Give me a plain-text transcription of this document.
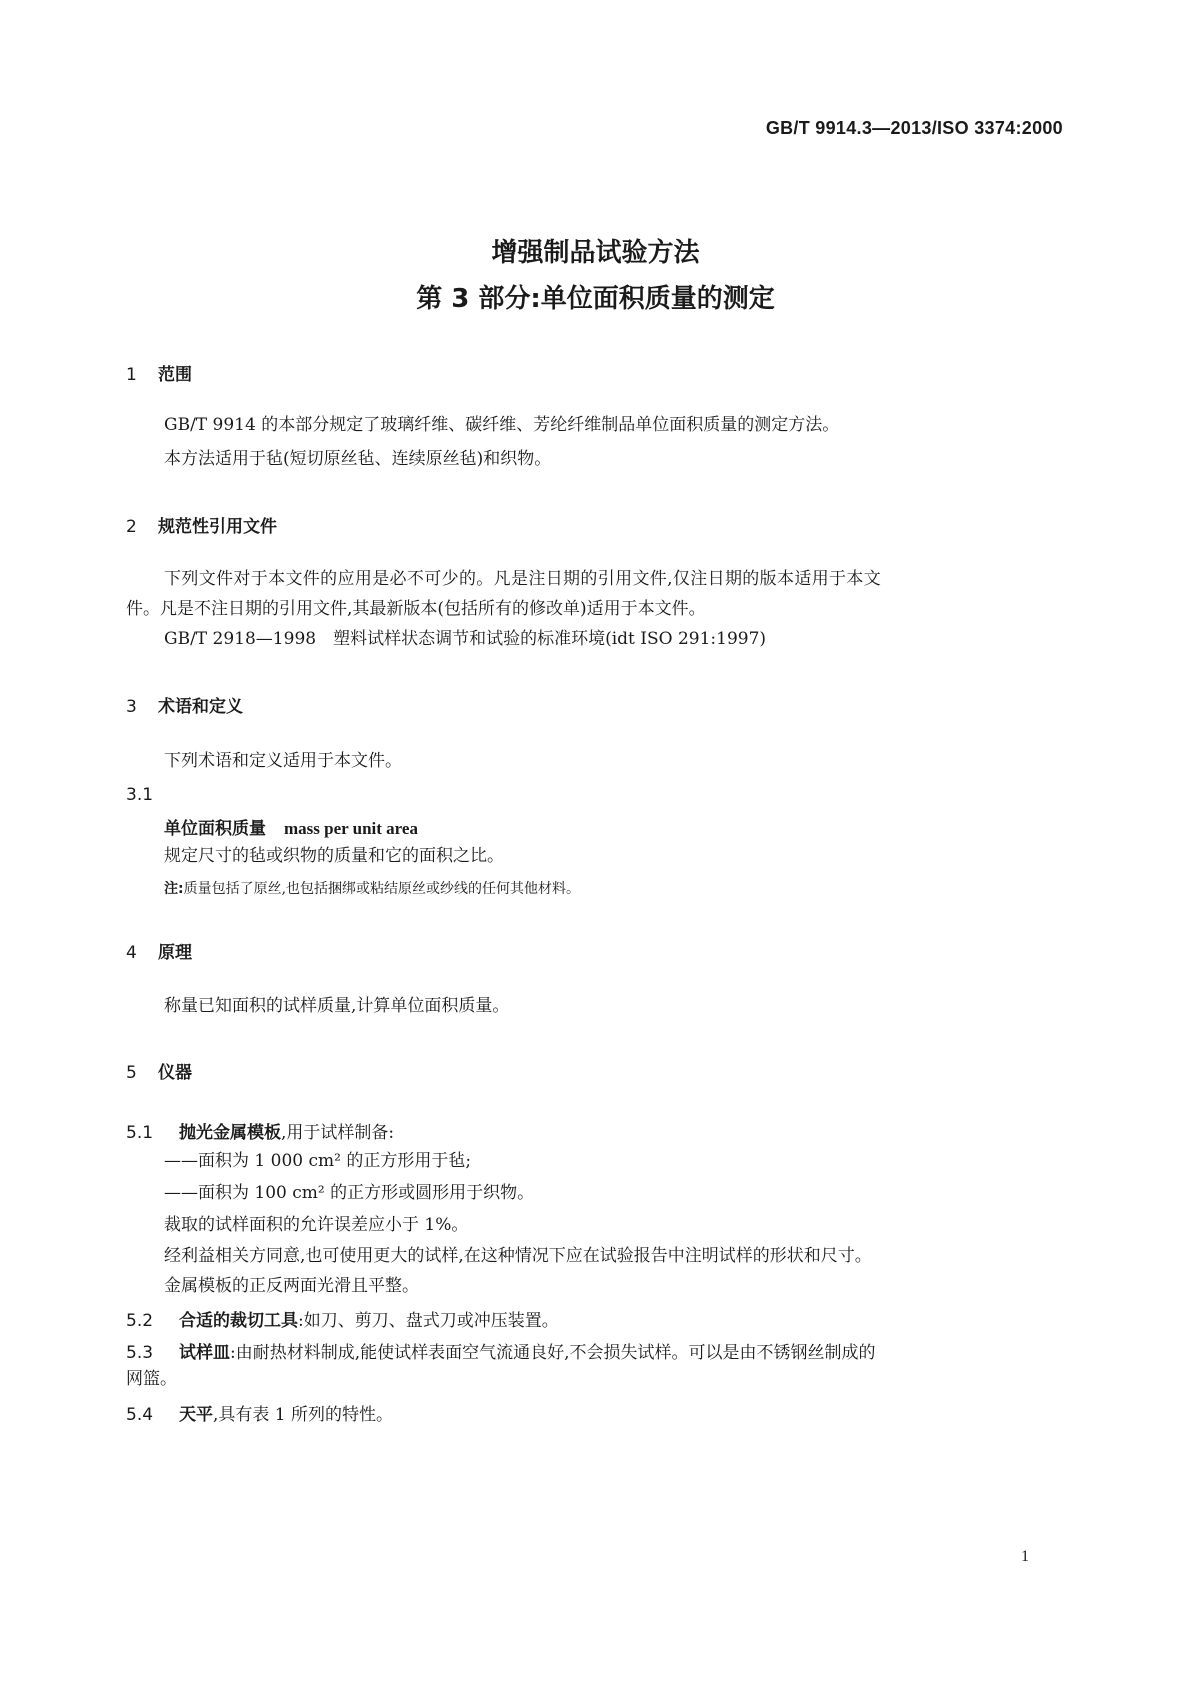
GB/T 9914.3—2013/ISO 3374:2000
增强制品试验方法
第 3 部分:单位面积质量的测定
1 范围
GB/T 9914 的本部分规定了玻璃纤维、碳纤维、芳纶纤维制品单位面积质量的测定方法。
本方法适用于毡(短切原丝毡、连续原丝毡)和织物。
2 规范性引用文件
下列文件对于本文件的应用是必不可少的。凡是注日期的引用文件,仅注日期的版本适用于本文
件。凡是不注日期的引用文件,其最新版本(包括所有的修改单)适用于本文件。
GB/T 2918—1998　塑料试样状态调节和试验的标准环境(idt ISO 291:1997)
3 术语和定义
下列术语和定义适用于本文件。
3.1
单位面积质量 mass per unit area
规定尺寸的毡或织物的质量和它的面积之比。
注:质量包括了原丝,也包括捆绑或粘结原丝或纱线的任何其他材料。
4 原理
称量已知面积的试样质量,计算单位面积质量。
5 仪器
5.1 抛光金属模板,用于试样制备:
——面积为 1 000 cm² 的正方形用于毡;
——面积为 100 cm² 的正方形或圆形用于织物。
裁取的试样面积的允许误差应小于 1%。
经利益相关方同意,也可使用更大的试样,在这种情况下应在试验报告中注明试样的形状和尺寸。
金属模板的正反两面光滑且平整。
5.2 合适的裁切工具:如刀、剪刀、盘式刀或冲压装置。
5.3 试样皿:由耐热材料制成,能使试样表面空气流通良好,不会损失试样。可以是由不锈钢丝制成的
网篮。
5.4 天平,具有表 1 所列的特性。
1
